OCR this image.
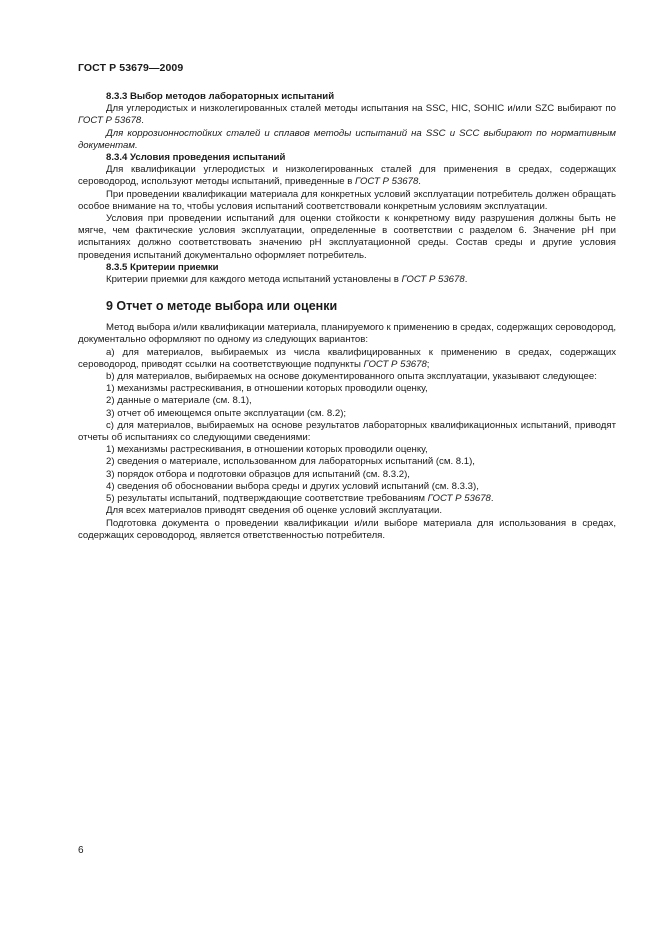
ГОСТ Р 53679—2009

8.3.3 Выбор методов лабораторных испытаний

Для углеродистых и низколегированных сталей методы испытания на SSC, HIC, SOHIC и/или SZC выбирают по ГОСТ Р 53678.

Для коррозионностойких сталей и сплавов методы испытаний на SSC и SCC выбирают по нормативным документам.

8.3.4 Условия проведения испытаний

Для квалификации углеродистых и низколегированных сталей для применения в средах, содержащих сероводород, используют методы испытаний, приведенные в ГОСТ Р 53678.

При проведении квалификации материала для конкретных условий эксплуатации потребитель должен обращать особое внимание на то, чтобы условия испытаний соответствовали конкретным условиям эксплуатации.

Условия при проведении испытаний для оценки стойкости к конкретному виду разрушения должны быть не мягче, чем фактические условия эксплуатации, определенные в соответствии с разделом 6. Значение pH при испытаниях должно соответствовать значению pH эксплуатационной среды. Состав среды и другие условия проведения испытаний документально оформляет потребитель.

8.3.5 Критерии приемки

Критерии приемки для каждого метода испытаний установлены в ГОСТ Р 53678.

9 Отчет о методе выбора или оценки

Метод выбора и/или квалификации материала, планируемого к применению в средах, содержащих сероводород, документально оформляют по одному из следующих вариантов:

а) для материалов, выбираемых из числа квалифицированных к применению в средах, содержащих сероводород, приводят ссылки на соответствующие подпункты ГОСТ Р 53678;

b) для материалов, выбираемых на основе документированного опыта эксплуатации, указывают следующее:

1) механизмы растрескивания, в отношении которых проводили оценку,

2) данные о материале (см. 8.1),

3) отчет об имеющемся опыте эксплуатации (см. 8.2);

c) для материалов, выбираемых на основе результатов лабораторных квалификационных испытаний, приводят отчеты об испытаниях со следующими сведениями:

1) механизмы растрескивания, в отношении которых проводили оценку,

2) сведения о материале, использованном для лабораторных испытаний (см. 8.1),

3) порядок отбора и подготовки образцов для испытаний (см. 8.3.2),

4) сведения об обосновании выбора среды и других условий испытаний (см. 8.3.3),

5) результаты испытаний, подтверждающие соответствие требованиям ГОСТ Р 53678.

Для всех материалов приводят сведения об оценке условий эксплуатации.

Подготовка документа о проведении квалификации и/или выборе материала для использования в средах, содержащих сероводород, является ответственностью потребителя.

6
